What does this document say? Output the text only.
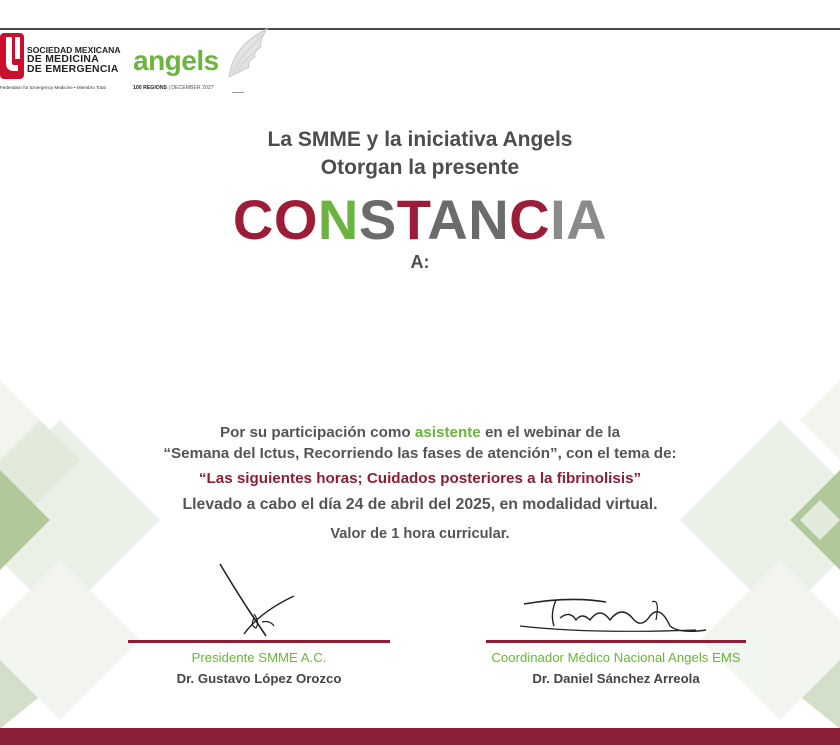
SOCIEDAD MEXICANA
DE MEDICINA
DE EMERGENCIA
Federation for Emergency Medicine • Miembro Total
angels
100 REGIONS | DECEMBER 2027
La SMME y la iniciativa Angels
Otorgan la presente
CONSTANCIA
A:
Por su participación como asistente en el webinar de la
“Semana del Ictus, Recorriendo las fases de atención”, con el tema de:
“Las siguientes horas; Cuidados posteriores a la fibrinolisis”
Llevado a cabo el día 24 de abril del 2025, en modalidad virtual.
Valor de 1 hora curricular.
Presidente SMME A.C.
Dr. Gustavo López Orozco
Coordinador Médico Nacional Angels EMS
Dr. Daniel Sánchez Arreola
